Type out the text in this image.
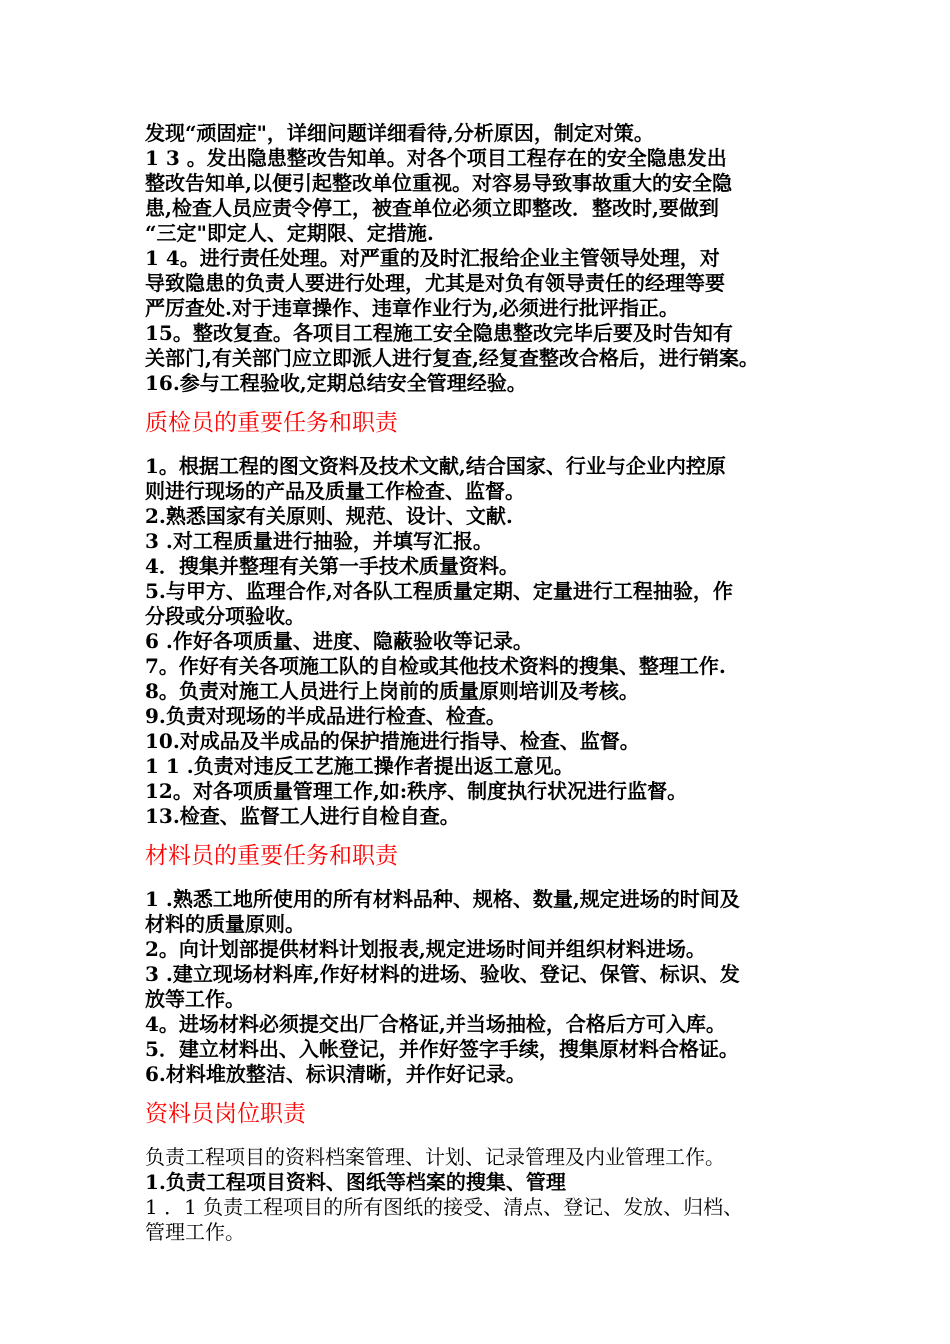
发现“顽固症"，详细问题详细看待,分析原因，制定对策。
1 3 。发出隐患整改告知单。对各个项目工程存在的安全隐患发出
整改告知单,以便引起整改单位重视。对容易导致事故重大的安全隐
患,检查人员应责令停工，被查单位必须立即整改．整改时,要做到
“三定"即定人、定期限、定措施.
1 4。进行责任处理。对严重的及时汇报给企业主管领导处理，对
导致隐患的负责人要进行处理，尤其是对负有领导责任的经理等要
严厉查处.对于违章操作、违章作业行为,必须进行批评指正。
15。整改复查。各项目工程施工安全隐患整改完毕后要及时告知有
关部门,有关部门应立即派人进行复查,经复查整改合格后，进行销案。
16.参与工程验收,定期总结安全管理经验。
质检员的重要任务和职责
1。根据工程的图文资料及技术文献,结合国家、行业与企业内控原
则进行现场的产品及质量工作检查、监督。
2.熟悉国家有关原则、规范、设计、文献.
3 .对工程质量进行抽验，并填写汇报。
4．搜集并整理有关第一手技术质量资料。
5.与甲方、监理合作,对各队工程质量定期、定量进行工程抽验，作
分段或分项验收。
6 .作好各项质量、进度、隐蔽验收等记录。
7。作好有关各项施工队的自检或其他技术资料的搜集、整理工作.
8。负责对施工人员进行上岗前的质量原则培训及考核。
9.负责对现场的半成品进行检查、检查。
10.对成品及半成品的保护措施进行指导、检查、监督。
1 1 .负责对违反工艺施工操作者提出返工意见。
12。对各项质量管理工作,如:秩序、制度执行状况进行监督。
13.检查、监督工人进行自检自查。
材料员的重要任务和职责
1 .熟悉工地所使用的所有材料品种、规格、数量,规定进场的时间及
材料的质量原则。
2。向计划部提供材料计划报表,规定进场时间并组织材料进场。
3 .建立现场材料库,作好材料的进场、验收、登记、保管、标识、发
放等工作。
4。进场材料必须提交出厂合格证,并当场抽检，合格后方可入库。
5．建立材料出、入帐登记，并作好签字手续，搜集原材料合格证。
6.材料堆放整洁、标识清晰，并作好记录。
资料员岗位职责
负责工程项目的资料档案管理、计划、记录管理及内业管理工作。
1.负责工程项目资料、图纸等档案的搜集、管理
1 ．1 负责工程项目的所有图纸的接受、清点、登记、发放、归档、
管理工作。
